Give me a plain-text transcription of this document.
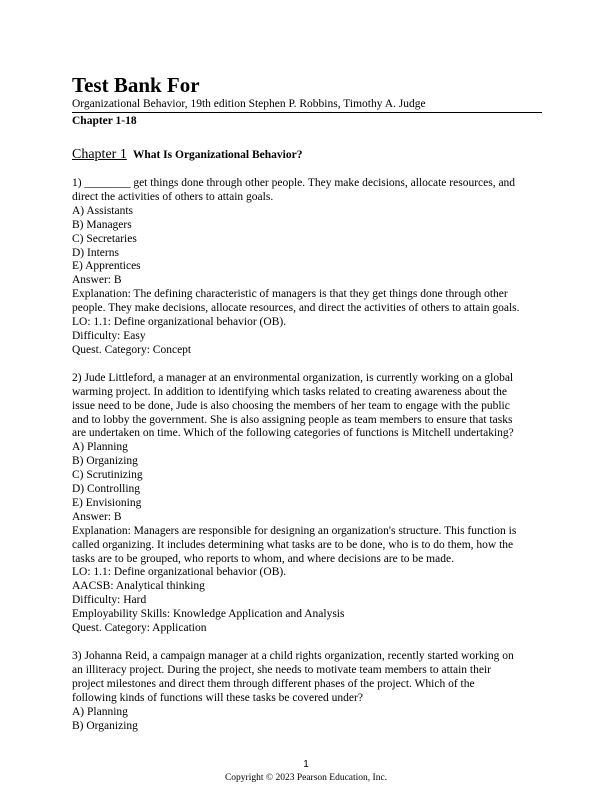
Test Bank For
Organizational Behavior, 19th edition Stephen P. Robbins, Timothy A. Judge
Chapter 1-18
Chapter 1 What Is Organizational Behavior?
1) ________ get things done through other people. They make decisions, allocate resources, and
direct the activities of others to attain goals.
A) Assistants
B) Managers
C) Secretaries
D) Interns
E) Apprentices
Answer: B
Explanation: The defining characteristic of managers is that they get things done through other
people. They make decisions, allocate resources, and direct the activities of others to attain goals.
LO: 1.1: Define organizational behavior (OB).
Difficulty: Easy
Quest. Category: Concept
2) Jude Littleford, a manager at an environmental organization, is currently working on a global
warming project. In addition to identifying which tasks related to creating awareness about the
issue need to be done, Jude is also choosing the members of her team to engage with the public
and to lobby the government. She is also assigning people as team members to ensure that tasks
are undertaken on time. Which of the following categories of functions is Mitchell undertaking?
A) Planning
B) Organizing
C) Scrutinizing
D) Controlling
E) Envisioning
Answer: B
Explanation: Managers are responsible for designing an organization's structure. This function is
called organizing. It includes determining what tasks are to be done, who is to do them, how the
tasks are to be grouped, who reports to whom, and where decisions are to be made.
LO: 1.1: Define organizational behavior (OB).
AACSB: Analytical thinking
Difficulty: Hard
Employability Skills: Knowledge Application and Analysis
Quest. Category: Application
3) Johanna Reid, a campaign manager at a child rights organization, recently started working on
an illiteracy project. During the project, she needs to motivate team members to attain their
project milestones and direct them through different phases of the project. Which of the
following kinds of functions will these tasks be covered under?
A) Planning
B) Organizing
1
Copyright © 2023 Pearson Education, Inc.
